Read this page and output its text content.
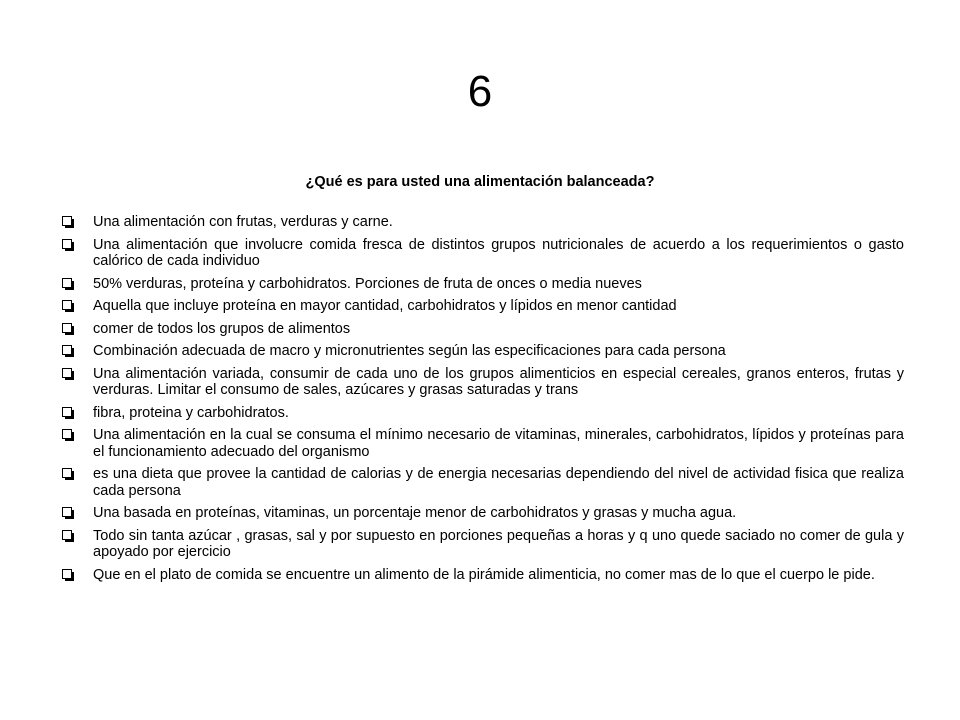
6

¿Qué es para usted una alimentación balanceada?

Una alimentación con frutas, verduras y carne.
Una alimentación que involucre comida fresca de distintos grupos nutricionales de acuerdo a los requerimientos o gasto calórico de cada individuo
50% verduras, proteína y carbohidratos. Porciones de fruta de onces o media nueves
Aquella que incluye proteína en mayor cantidad, carbohidratos y lípidos en menor cantidad
comer de todos los grupos de alimentos
Combinación adecuada de macro y micronutrientes según las especificaciones para cada persona
Una alimentación variada, consumir de cada uno de los grupos alimenticios en especial cereales, granos enteros, frutas y verduras. Limitar el consumo de sales, azúcares y grasas saturadas y trans
fibra, proteina y carbohidratos.
Una alimentación en la cual se consuma el mínimo necesario de vitaminas, minerales, carbohidratos, lípidos y proteínas para el funcionamiento adecuado del organismo
es una dieta que provee la cantidad de calorias y de energia necesarias dependiendo del nivel de actividad fisica que realiza cada persona
Una basada en proteínas, vitaminas, un porcentaje menor de carbohidratos y grasas y mucha agua.
Todo sin tanta azúcar , grasas, sal y por supuesto en porciones pequeñas a horas y q uno quede saciado no comer de gula y apoyado por ejercicio
Que en el plato de comida se encuentre un alimento de la pirámide alimenticia, no comer mas de lo que el cuerpo le pide.
